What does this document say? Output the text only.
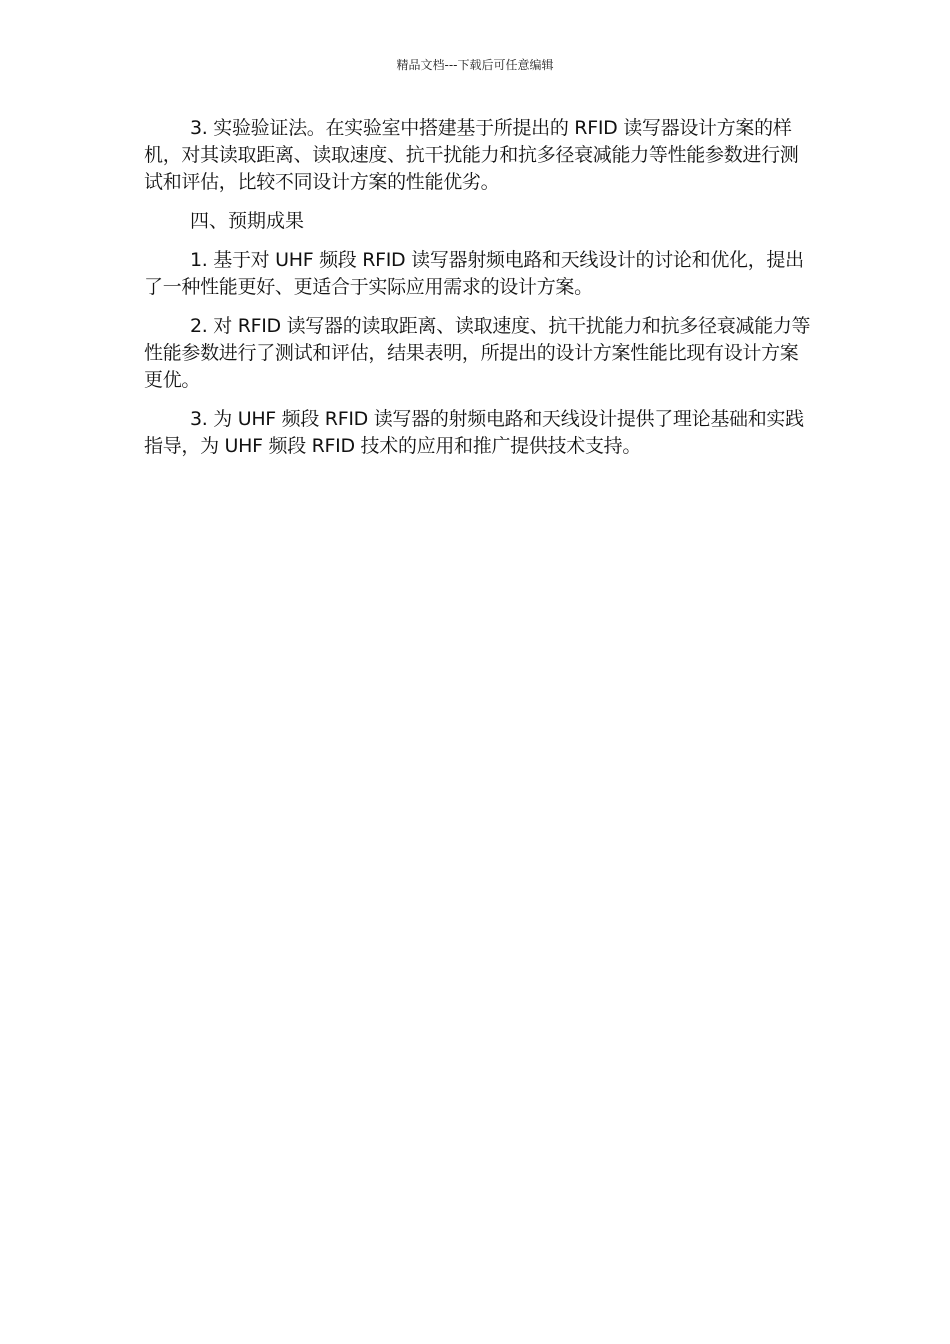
精品文档---下载后可任意编辑

3. 实验验证法。在实验室中搭建基于所提出的 RFID 读写器设计方案的样机，对其读取距离、读取速度、抗干扰能力和抗多径衰减能力等性能参数进行测试和评估，比较不同设计方案的性能优劣。

四、预期成果

1. 基于对 UHF 频段 RFID 读写器射频电路和天线设计的讨论和优化，提出了一种性能更好、更适合于实际应用需求的设计方案。

2. 对 RFID 读写器的读取距离、读取速度、抗干扰能力和抗多径衰减能力等性能参数进行了测试和评估，结果表明，所提出的设计方案性能比现有设计方案更优。

3. 为 UHF 频段 RFID 读写器的射频电路和天线设计提供了理论基础和实践指导，为 UHF 频段 RFID 技术的应用和推广提供技术支持。
